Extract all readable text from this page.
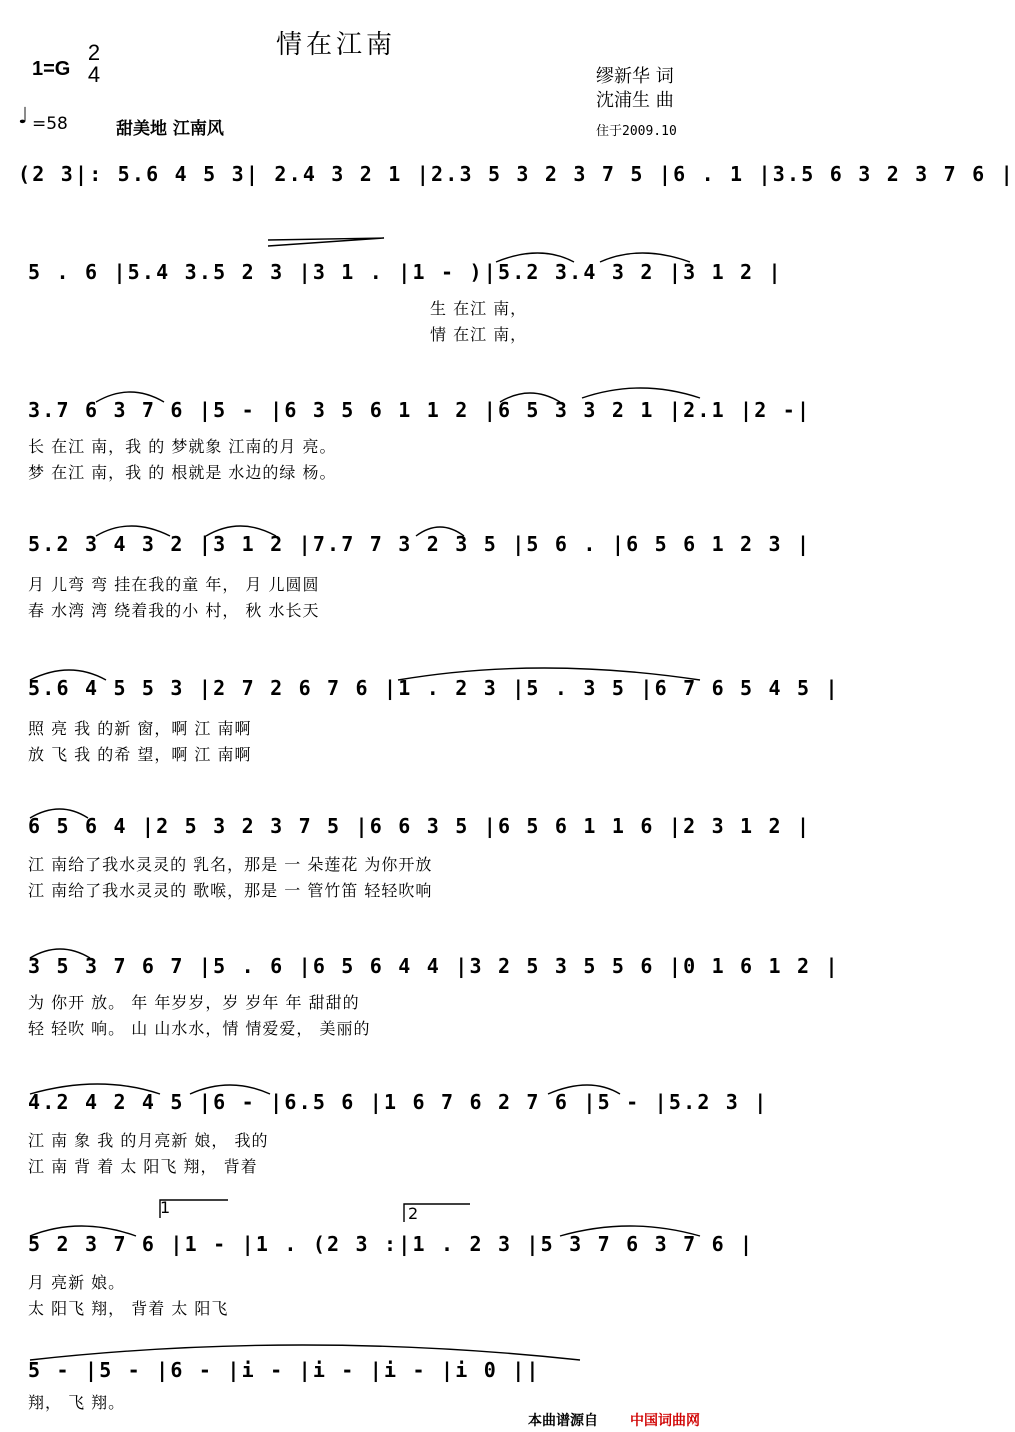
情在江南
1=G
2
4	缪新华 词
沈浦生 曲
♩ =58	甜美地 江南风	住于2009.10
(2 3|: 5.6 4 5 3| 2.4 3 2 1 |2.3 5 3 2 3 7 5 |6 . 1 |3.5 6 3 2 3 7 6 |
5 . 6 |5.4 3.5 2 3 |3 1 . |1 - )|5.2 3.4 3 2 |3 1 2 |
生 在江 南，
情 在江 南，
3.7 6 3 7 6 |5 - |6 3 5 6 1 1 2 |6 5 3 3 2 1 |2.1 |2 -|
长 在江 南，我 的 梦就象 江南的月 亮。
梦 在江 南，我 的 根就是 水边的绿 杨。
5.2 3 4 3 2 |3 1 2 |7.7 7 3 2 3 5 |5 6 . |6 5 6 1 2 3 |
月 儿弯 弯 挂在我的童 年， 月 儿圆圆
春 水湾 湾 绕着我的小 村， 秋 水长天
5.6 4 5 5 3 |2 7 2 6 7 6 |1 . 2 3 |5 . 3 5 |6 7 6 5 4 5 |
照 亮 我 的新 窗，啊 江 南啊
放 飞 我 的希 望，啊 江 南啊
6 5 6 4 |2 5 3 2 3 7 5 |6 6 3 5 |6 5 6 1 1 6 |2 3 1 2 |
江 南给了我水灵灵的 乳名，那是 一 朵莲花 为你开放
江 南给了我水灵灵的 歌喉，那是 一 管竹笛 轻轻吹响
3 5 3 7 6 7 |5 . 6 |6 5 6 4 4 |3 2 5 3 5 5 6 |0 1 6 1 2 |
为 你开 放。 年 年岁岁，岁 岁年 年 甜甜的
轻 轻吹 响。 山 山水水，情 情爱爱， 美丽的
4.2 4 2 4 5 |6 - |6.5 6 |1 6 7 6 2 7 6 |5 - |5.2 3 |
江 南 象 我 的月亮新 娘， 我的
江 南 背 着 太 阳飞 翔， 背着
1	2
5 2 3 7 6 |1 - |1 . (2 3 :|1 . 2 3 |5 3 7 6 3 7 6 |
月 亮新 娘。
太 阳飞 翔， 背着 太 阳飞
5 - |5 - |6 - |i - |i - |i - |i 0 ||
翔， 飞 翔。
本曲谱源自 中国词曲网
